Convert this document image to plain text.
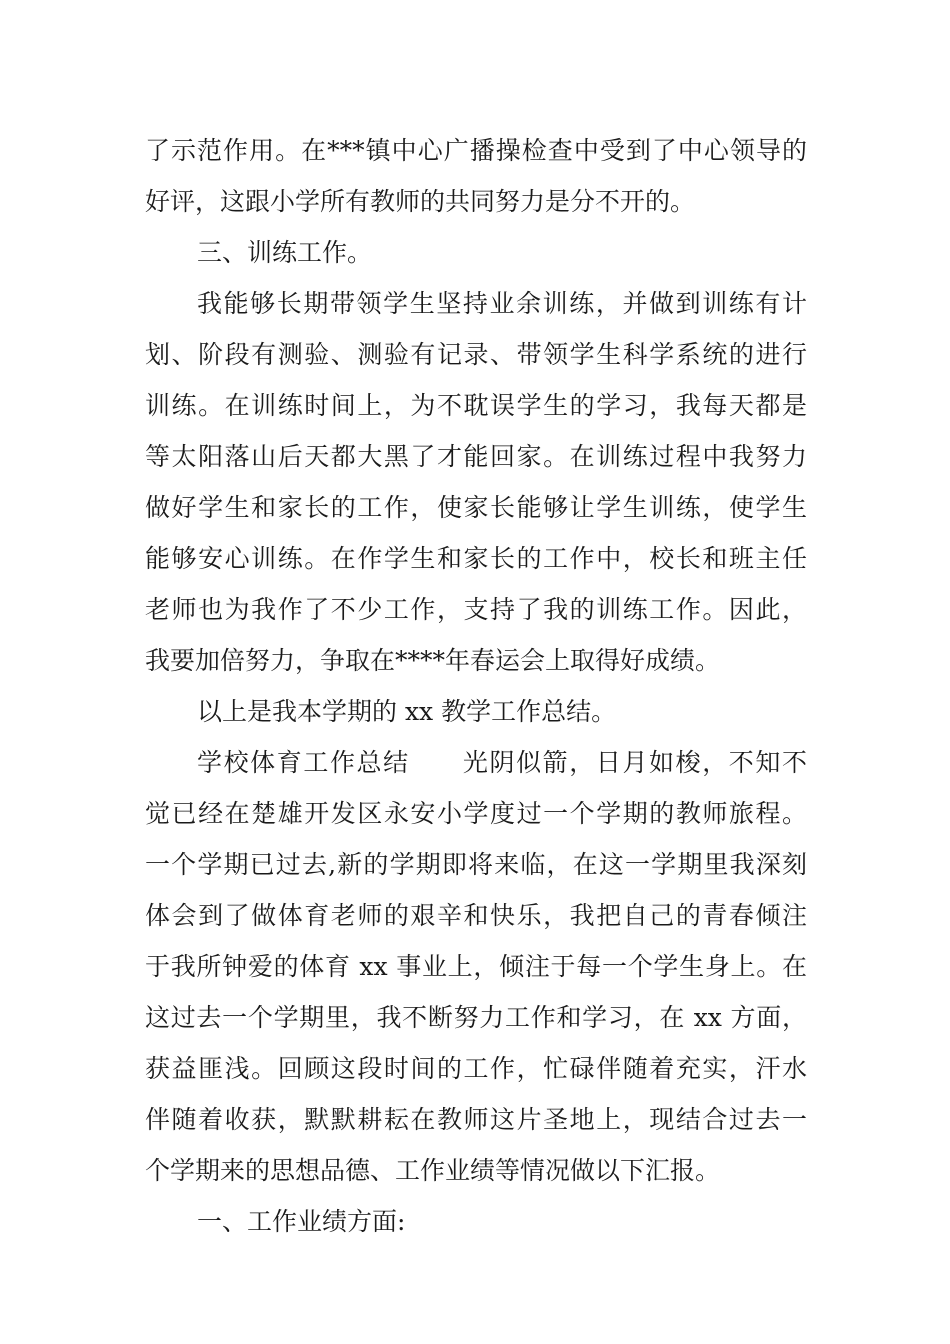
了示范作用。在***镇中心广播操检查中受到了中心领导的
好评，这跟小学所有教师的共同努力是分不开的。
三、训练工作。
我能够长期带领学生坚持业余训练，并做到训练有计
划、阶段有测验、测验有记录、带领学生科学系统的进行
训练。在训练时间上，为不耽误学生的学习，我每天都是
等太阳落山后天都大黑了才能回家。在训练过程中我努力
做好学生和家长的工作，使家长能够让学生训练，使学生
能够安心训练。在作学生和家长的工作中，校长和班主任
老师也为我作了不少工作，支持了我的训练工作。因此，
我要加倍努力，争取在****年春运会上取得好成绩。
以上是我本学期的 xx 教学工作总结。
学校体育工作总结　　光阴似箭，日月如梭，不知不
觉已经在楚雄开发区永安小学度过一个学期的教师旅程。
一个学期已过去,新的学期即将来临，在这一学期里我深刻
体会到了做体育老师的艰辛和快乐，我把自己的青春倾注
于我所钟爱的体育 xx 事业上，倾注于每一个学生身上。在
这过去一个学期里，我不断努力工作和学习，在 xx 方面，
获益匪浅。回顾这段时间的工作，忙碌伴随着充实，汗水
伴随着收获，默默耕耘在教师这片圣地上，现结合过去一
个学期来的思想品德、工作业绩等情况做以下汇报。
一、工作业绩方面:
